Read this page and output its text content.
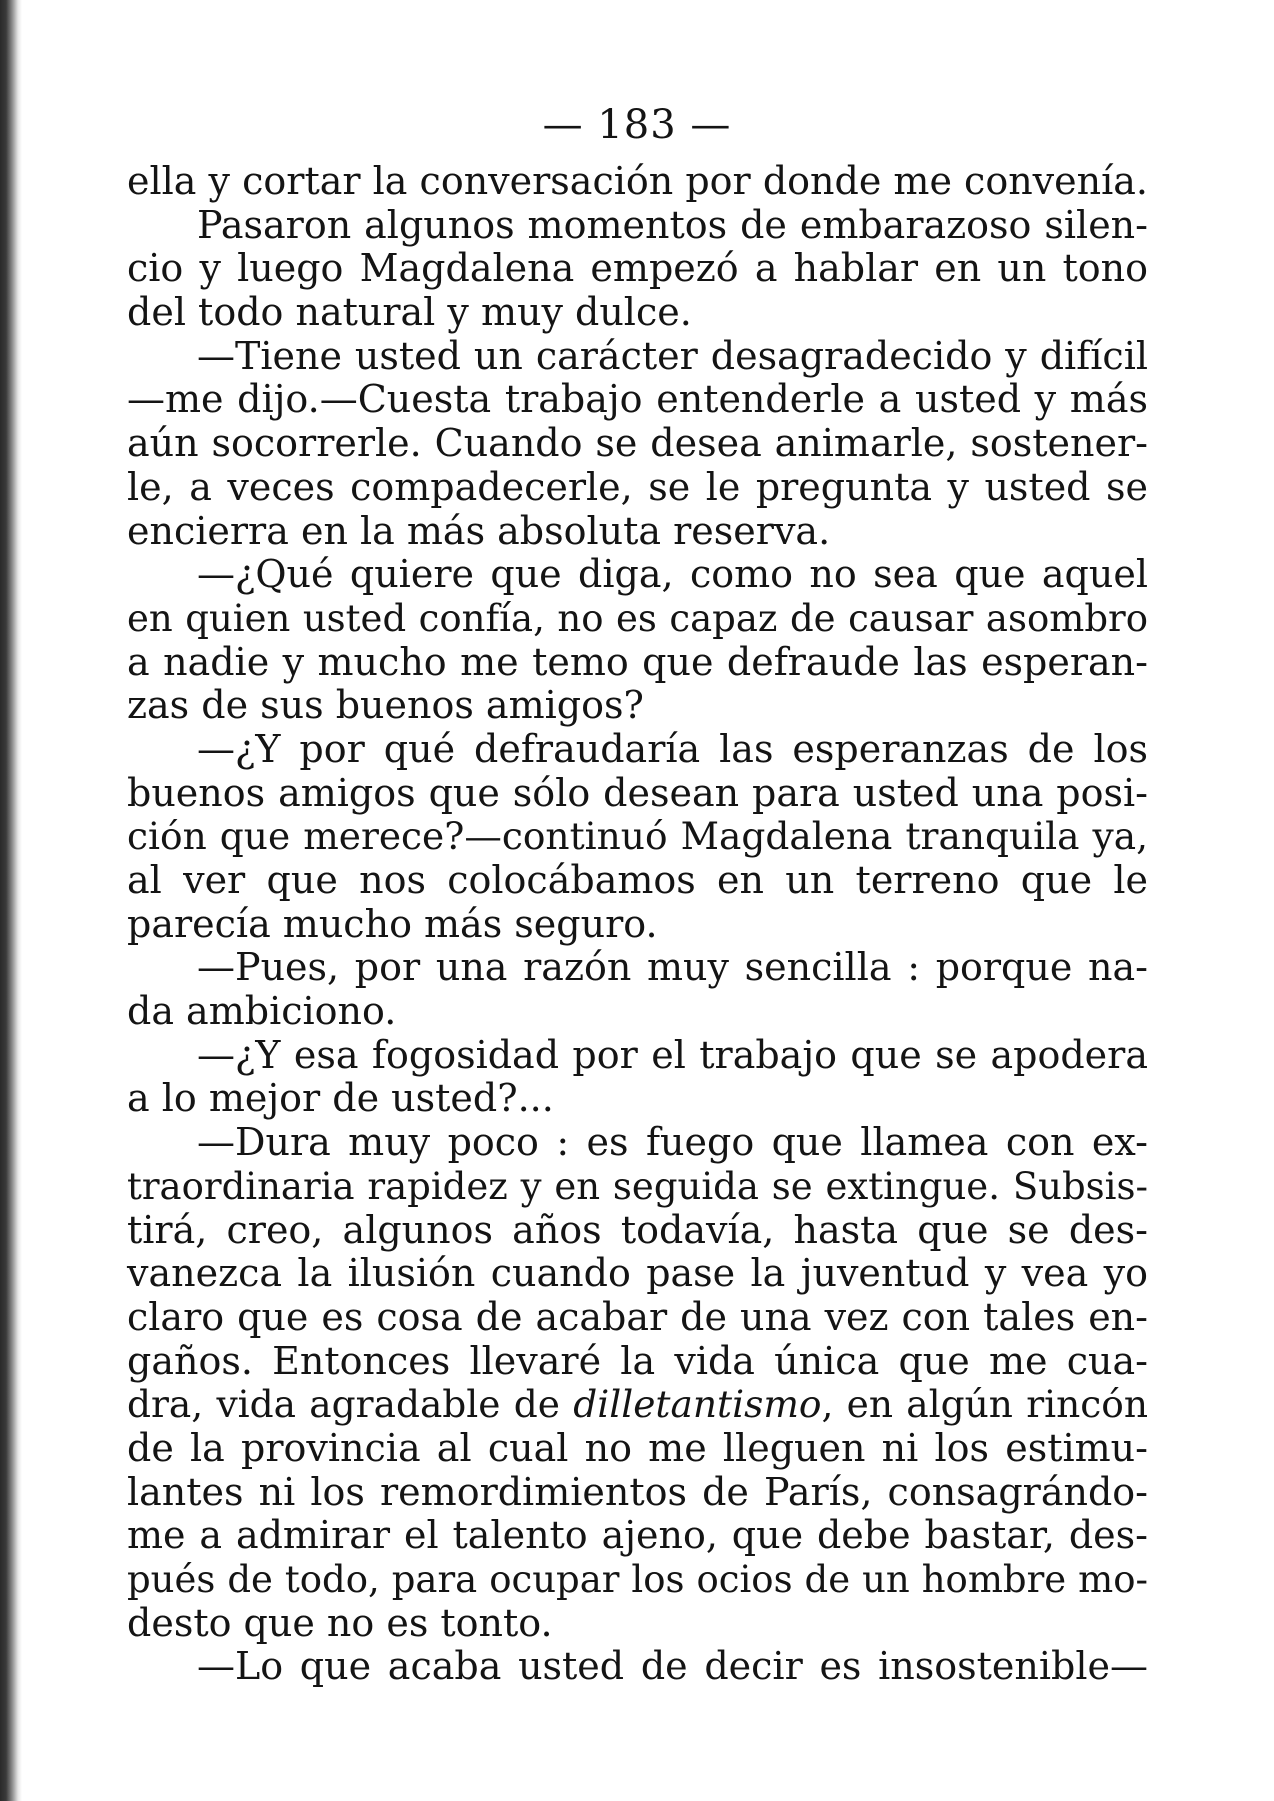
— 183 —
ella y cortar la conversación por donde me convenía.
Pasaron algunos momentos de embarazoso silen-
cio y luego Magdalena empezó a hablar en un tono
del todo natural y muy dulce.
—Tiene usted un carácter desagradecido y difícil
—me dijo.—Cuesta trabajo entenderle a usted y más
aún socorrerle. Cuando se desea animarle, sostener-
le, a veces compadecerle, se le pregunta y usted se
encierra en la más absoluta reserva.
—¿Qué quiere que diga, como no sea que aquel
en quien usted confía, no es capaz de causar asombro
a nadie y mucho me temo que defraude las esperan-
zas de sus buenos amigos?
—¿Y por qué defraudaría las esperanzas de los
buenos amigos que sólo desean para usted una posi-
ción que merece?—continuó Magdalena tranquila ya,
al ver que nos colocábamos en un terreno que le
parecía mucho más seguro.
—Pues, por una razón muy sencilla : porque na-
da ambiciono.
—¿Y esa fogosidad por el trabajo que se apodera
a lo mejor de usted?...
—Dura muy poco : es fuego que llamea con ex-
traordinaria rapidez y en seguida se extingue. Subsis-
tirá, creo, algunos años todavía, hasta que se des-
vanezca la ilusión cuando pase la juventud y vea yo
claro que es cosa de acabar de una vez con tales en-
gaños. Entonces llevaré la vida única que me cua-
dra, vida agradable de dilletantismo, en algún rincón
de la provincia al cual no me lleguen ni los estimu-
lantes ni los remordimientos de París, consagrándo-
me a admirar el talento ajeno, que debe bastar, des-
pués de todo, para ocupar los ocios de un hombre mo-
desto que no es tonto.
—Lo que acaba usted de decir es insostenible—
